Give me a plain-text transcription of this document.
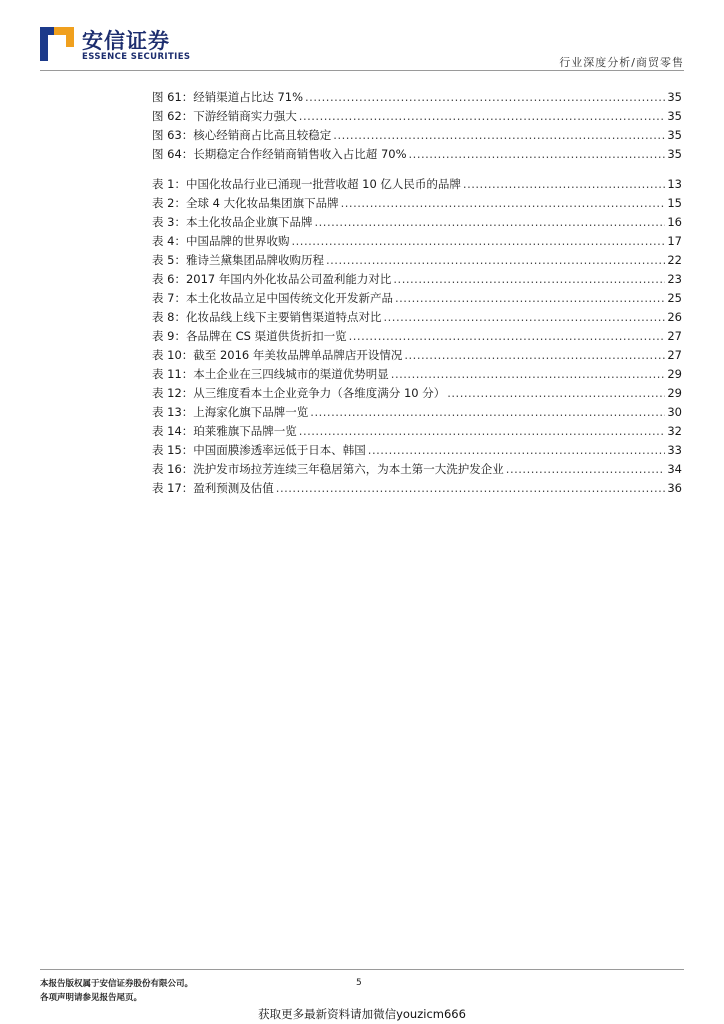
安信证券
ESSENCE SECURITIES	行业深度分析/商贸零售
图 61：经销渠道占比达 71% .....	35
图 62：下游经销商实力强大 .....	35
图 63：核心经销商占比高且较稳定 .....	35
图 64：长期稳定合作经销商销售收入占比超 70% .....	35
表 1：中国化妆品行业已涌现一批营收超 10 亿人民币的品牌 .....	13
表 2：全球 4 大化妆品集团旗下品牌 .....	15
表 3：本土化妆品企业旗下品牌 .....	16
表 4：中国品牌的世界收购 .....	17
表 5：雅诗兰黛集团品牌收购历程 .....	22
表 6：2017 年国内外化妆品公司盈利能力对比 .....	23
表 7：本土化妆品立足中国传统文化开发新产品 .....	25
表 8：化妆品线上线下主要销售渠道特点对比 .....	26
表 9：各品牌在 CS 渠道供货折扣一览 .....	27
表 10：截至 2016 年美妆品牌单品牌店开设情况 .....	27
表 11：本土企业在三四线城市的渠道优势明显 .....	29
表 12：从三维度看本土企业竞争力（各维度满分 10 分） .....	29
表 13：上海家化旗下品牌一览 .....	30
表 14：珀莱雅旗下品牌一览 .....	32
表 15：中国面膜渗透率远低于日本、韩国 .....	33
表 16：洗护发市场拉芳连续三年稳居第六，为本土第一大洗护发企业 .....	34
表 17：盈利预测及估值 .....	36
本报告版权属于安信证券股份有限公司。
各项声明请参见报告尾页。
5
获取更多最新资料请加微信youzicm666
